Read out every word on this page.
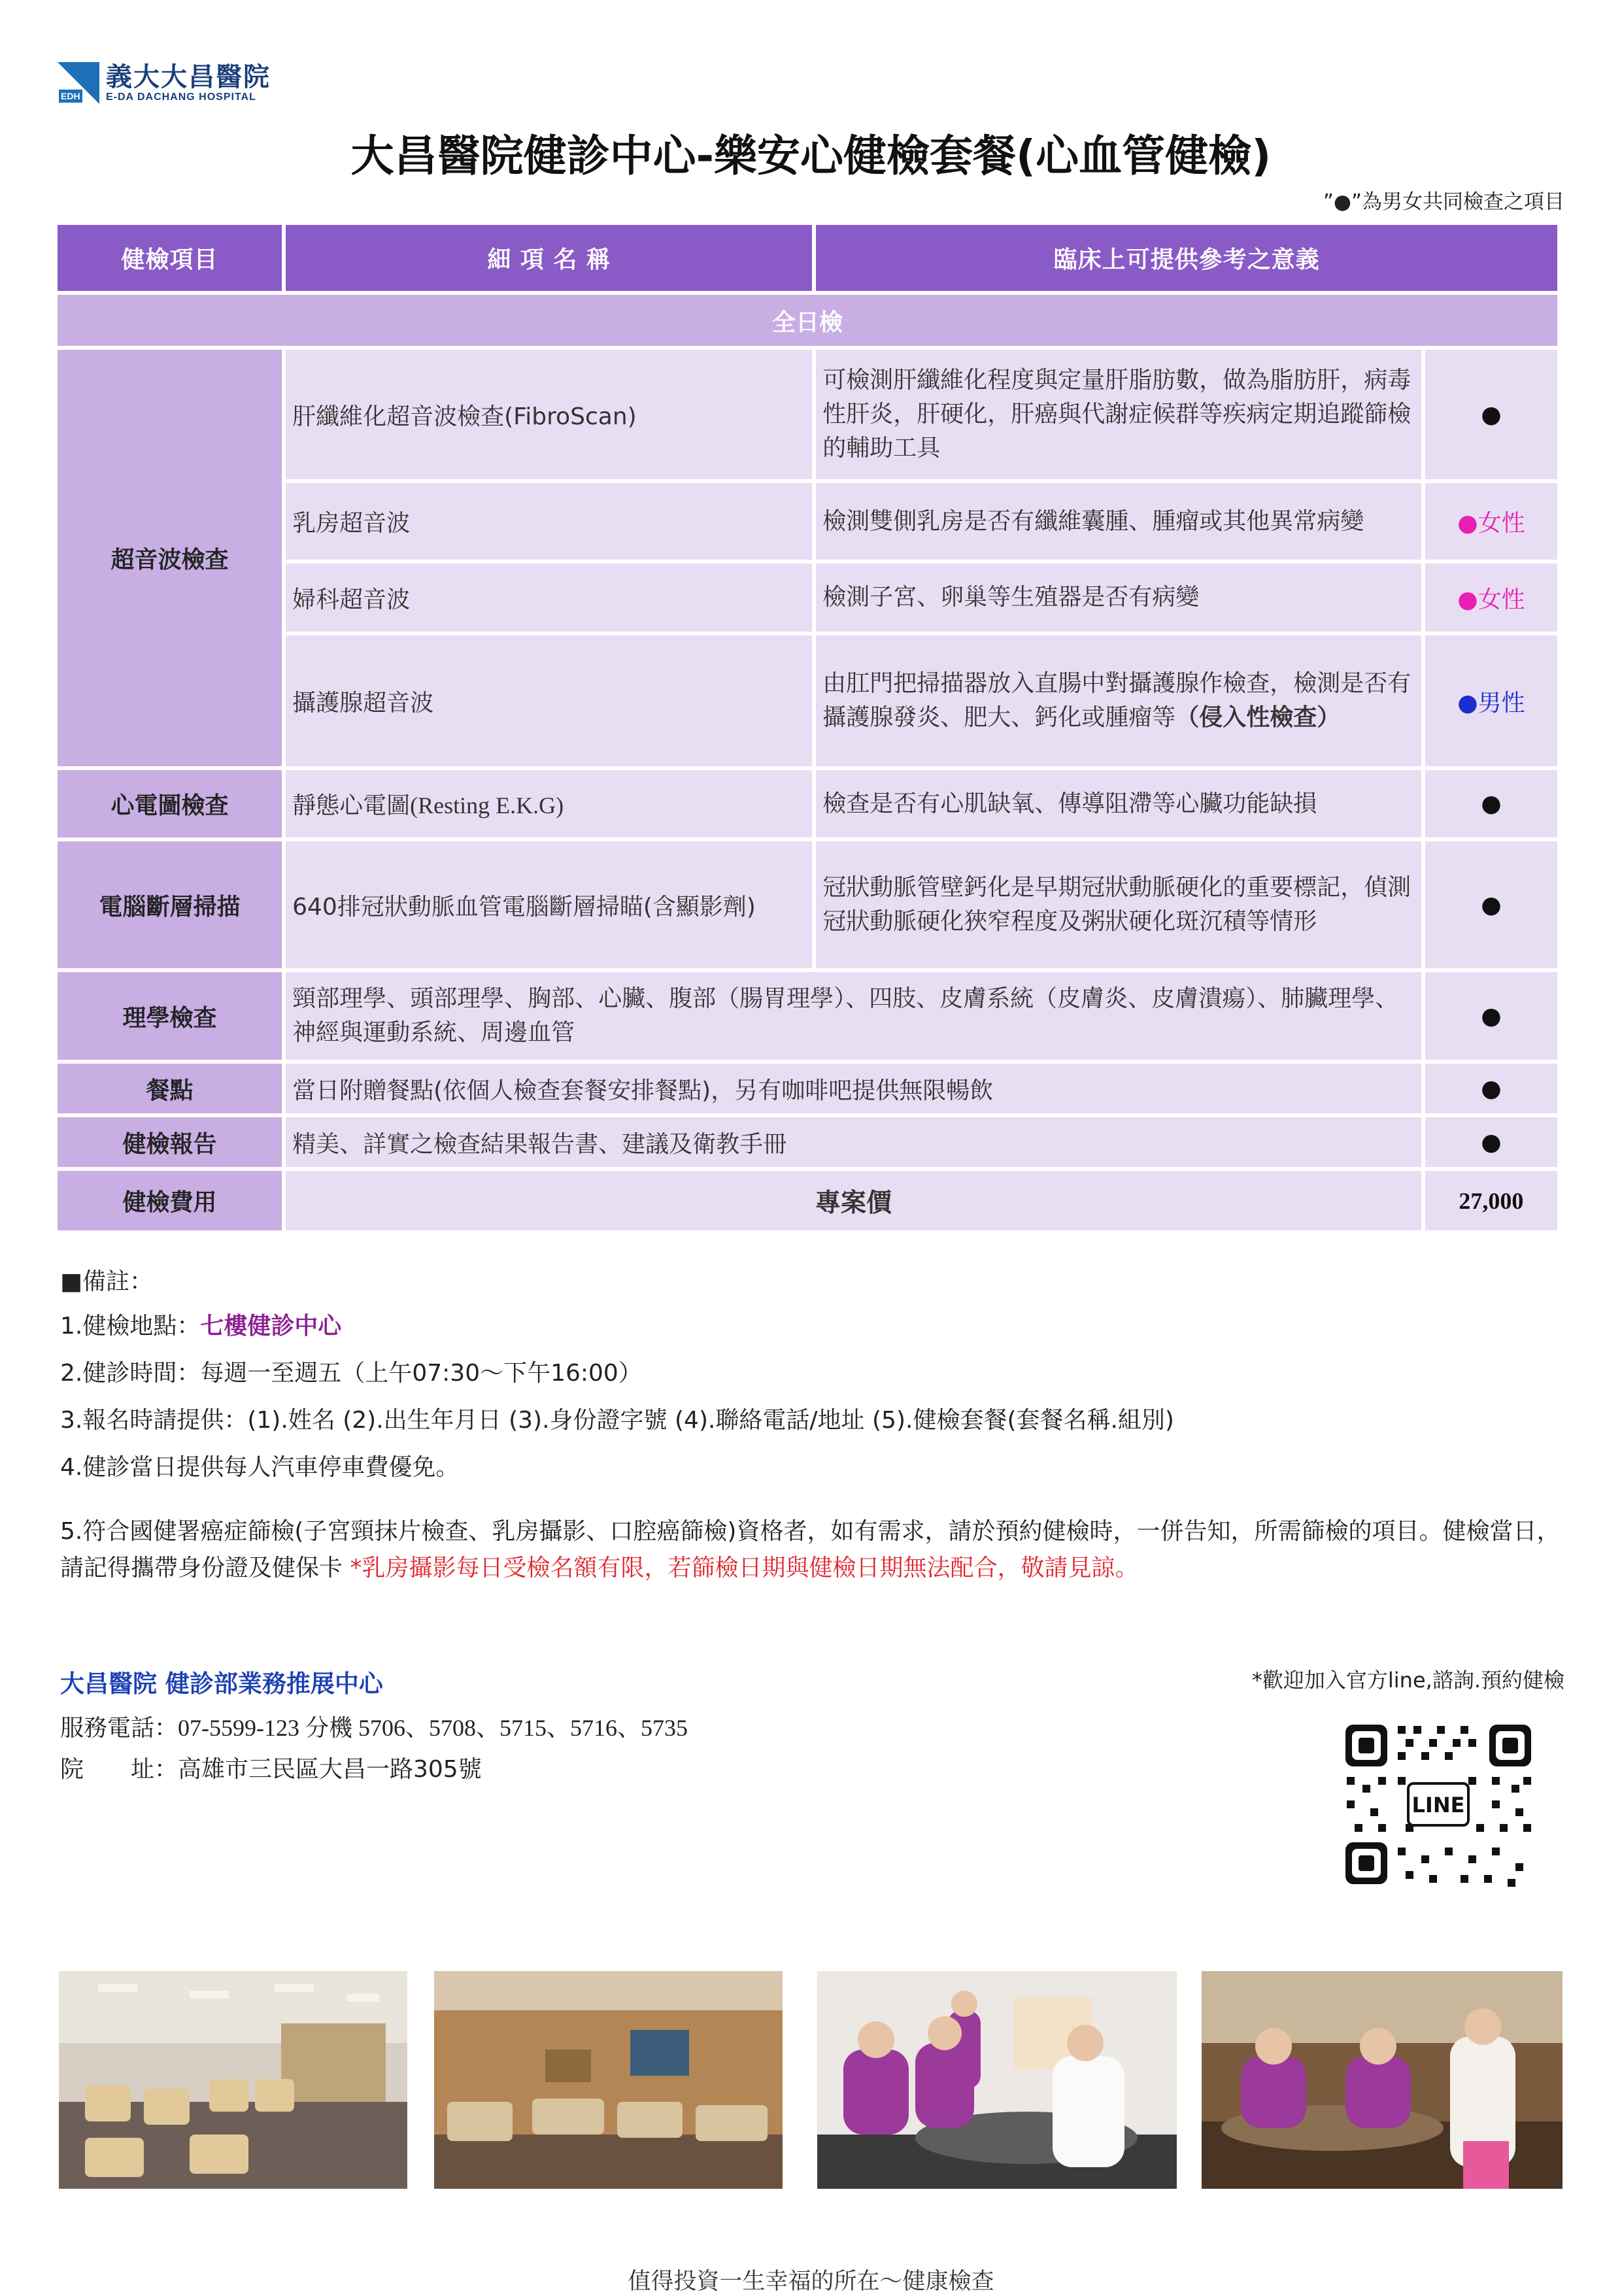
EDH
義大大昌醫院
E-DA DACHANG HOSPITAL
大昌醫院健診中心-樂安心健檢套餐(心血管健檢)
”●”為男女共同檢查之項目
健檢項目	細 項 名 稱	臨床上可提供參考之意義	
全日檢			
超音波檢查	肝纖維化超音波檢查(FibroScan)	可檢測肝纖維化程度與定量肝脂肪數，做為脂肪肝，病毒性肝炎，肝硬化，肝癌與代謝症候群等疾病定期追蹤篩檢的輔助工具	●
	乳房超音波	檢測雙側乳房是否有纖維囊腫、腫瘤或其他異常病變	●女性
	婦科超音波	檢測子宮、卵巢等生殖器是否有病變	●女性
	攝護腺超音波	由肛門把掃描器放入直腸中對攝護腺作檢查，檢測是否有攝護腺發炎、肥大、鈣化或腫瘤等（侵入性檢查）	●男性
心電圖檢查	靜態心電圖(Resting E.K.G)	檢查是否有心肌缺氧、傳導阻滯等心臟功能缺損	●
電腦斷層掃描	640排冠狀動脈血管電腦斷層掃瞄(含顯影劑)	冠狀動脈管壁鈣化是早期冠狀動脈硬化的重要標記，偵測冠狀動脈硬化狹窄程度及粥狀硬化斑沉積等情形	●
理學檢查	頸部理學、頭部理學、胸部、心臟、腹部（腸胃理學）、四肢、皮膚系統（皮膚炎、皮膚潰瘍）、肺臟理學、神經與運動系統、周邊血管		●
餐點	當日附贈餐點(依個人檢查套餐安排餐點)，另有咖啡吧提供無限暢飲		●
健檢報告	精美、詳實之檢查結果報告書、建議及衛教手冊		●
健檢費用	專案價		27,000

■備註：

1.健檢地點：七樓健診中心

2.健診時間：每週一至週五（上午07:30～下午16:00）

3.報名時請提供：(1).姓名 (2).出生年月日 (3).身份證字號 (4).聯絡電話/地址 (5).健檢套餐(套餐名稱.組別)

4.健診當日提供每人汽車停車費優免。

5.符合國健署癌症篩檢(子宮頸抹片檢查、乳房攝影、口腔癌篩檢)資格者，如有需求，請於預約健檢時，一併告知，所需篩檢的項目。健檢當日，請記得攜帶身份證及健保卡 *乳房攝影每日受檢名額有限，若篩檢日期與健檢日期無法配合，敬請見諒。

大昌醫院 健診部業務推展中心
服務電話：07-5599-123 分機 5706、5708、5715、5716、5735
院　　址：高雄市三民區大昌一路305號
*歡迎加入官方line,諮詢.預約健檢
LINE
值得投資一生幸福的所在～健康檢查
